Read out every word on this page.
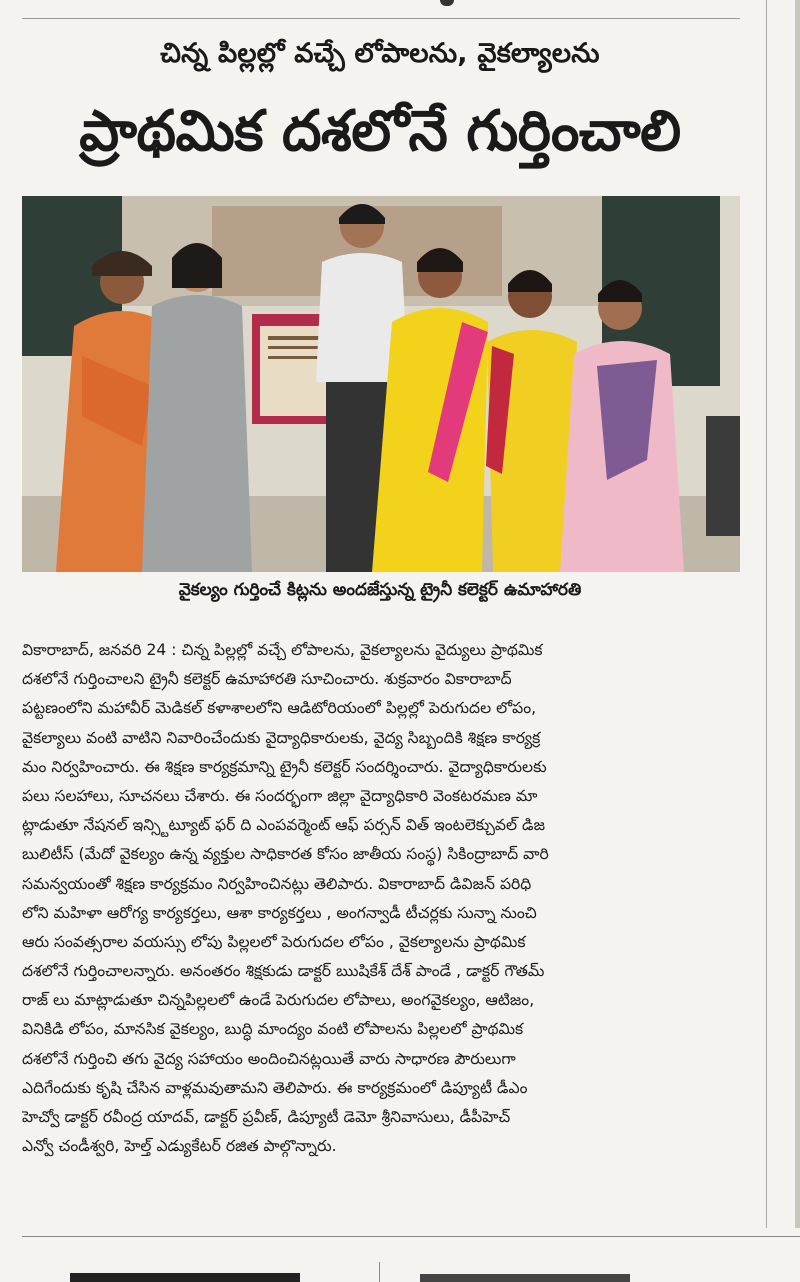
చిన్న పిల్లల్లో వచ్చే లోపాలను, వైకల్యాలను
ప్రాథమిక దశలోనే గుర్తించాలి
వైకల్యం గుర్తించే కిట్లను అందజేస్తున్న ట్రైనీ కలెక్టర్ ఉమాహారతి
వికారాబాద్, జనవరి 24 : చిన్న పిల్లల్లో వచ్చే లోపాలను, వైకల్యాలను వైద్యులు ప్రాథమిక
దశలోనే గుర్తించాలని ట్రైనీ కలెక్టర్ ఉమాహారతి సూచించారు. శుక్రవారం వికారాబాద్
పట్టణంలోని మహావీర్ మెడికల్ కళాశాలలోని ఆడిటోరియంలో పిల్లల్లో పెరుగుదల లోపం,
వైకల్యాలు వంటి వాటిని నివారించేందుకు వైద్యాధికారులకు, వైద్య సిబ్బందికి శిక్షణ కార్యక్ర
మం నిర్వహించారు. ఈ శిక్షణ కార్యక్రమాన్ని ట్రైనీ కలెక్టర్ సందర్శించారు. వైద్యాధికారులకు
పలు సలహాలు, సూచనలు చేశారు. ఈ సందర్భంగా జిల్లా వైద్యాధికారి వెంకటరమణ మా
ట్లాడుతూ నేషనల్ ఇన్స్టిట్యూట్ ఫర్ ది ఎంపవర్మెంట్ ఆఫ్ పర్సన్ విత్ ఇంటలెక్చువల్ డిజ
బులిటీస్ (మేదో వైకల్యం ఉన్న వ్యక్తుల సాధికారత కోసం జాతీయ సంస్థ) సికింద్రాబాద్ వారి
సమన్వయంతో శిక్షణ కార్యక్రమం నిర్వహించినట్లు తెలిపారు. వికారాబాద్ డివిజన్ పరిధి
లోని మహిళా ఆరోగ్య కార్యకర్తలు, ఆశా కార్యకర్తలు , అంగన్వాడీ టీచర్లకు సున్నా నుంచి
ఆరు సంవత్సరాల వయస్సు లోపు పిల్లలలో పెరుగుదల లోపం , వైకల్యాలను ప్రాథమిక
దశలోనే గుర్తించాలన్నారు. అనంతరం శిక్షకుడు డాక్టర్ ఋషికేశ్ దేశ్ పాండే , డాక్టర్ గౌతమ్
రాజ్ లు మాట్లాడుతూ చిన్నపిల్లలలో ఉండే పెరుగుదల లోపాలు, అంగవైకల్యం, ఆటిజం,
వినికిడి లోపం, మానసిక వైకల్యం, బుద్ధి మాంద్యం వంటి లోపాలను పిల్లలలో ప్రాథమిక
దశలోనే గుర్తించి తగు వైద్య సహాయం అందించినట్లయితే వారు సాధారణ పౌరులుగా
ఎదిగేందుకు కృషి చేసిన వాళ్లమవుతామని తెలిపారు. ఈ కార్యక్రమంలో డిప్యూటీ డీఎం
హెచ్వో డాక్టర్ రవీంద్ర యాదవ్, డాక్టర్ ప్రవీణ్, డిప్యూటీ డెమో శ్రీనివాసులు, డీపీహెచ్
ఎన్వో చండీశ్వరి, హెల్త్ ఎడ్యుకేటర్ రజిత పాల్గొన్నారు.
